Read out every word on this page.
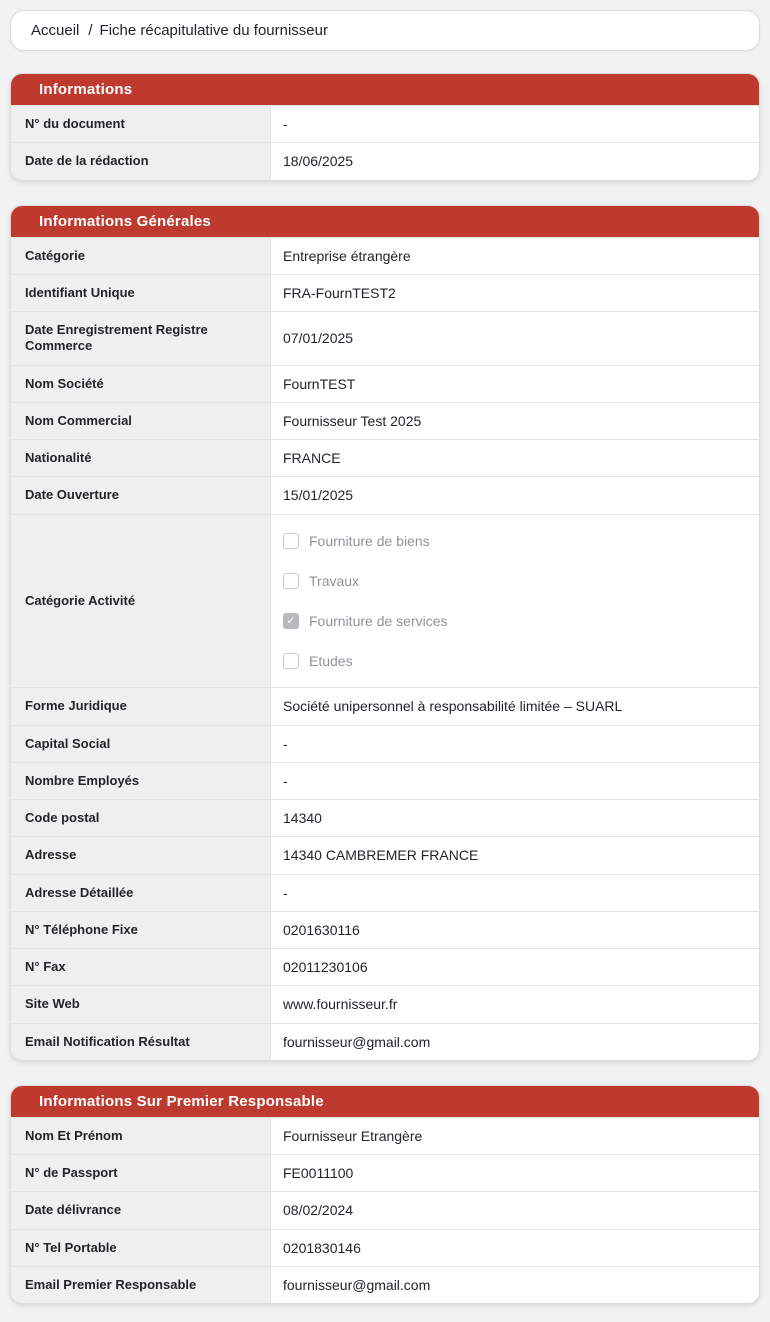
Accueil / Fiche récapitulative du fournisseur
Informations
N° du document	-
Date de la rédaction	18/06/2025
Informations Générales
Catégorie	Entreprise étrangère
Identifiant Unique	FRA-FournTEST2
Date Enregistrement Registre Commerce	07/01/2025
Nom Société	FournTEST
Nom Commercial	Fournisseur Test 2025
Nationalité	FRANCE
Date Ouverture	15/01/2025
Catégorie Activité
Fourniture de biens
Travaux
✓ Fourniture de services
Etudes
Forme Juridique	Société unipersonnel à responsabilité limitée – SUARL
Capital Social	-
Nombre Employés	-
Code postal	14340
Adresse	14340 CAMBREMER FRANCE
Adresse Détaillée	-
N° Téléphone Fixe	0201630116
N° Fax	02011230106
Site Web	www.fournisseur.fr
Email Notification Résultat	fournisseur@gmail.com
Informations Sur Premier Responsable
Nom Et Prénom	Fournisseur Etrangère
N° de Passport	FE0011100
Date délivrance	08/02/2024
N° Tel Portable	0201830146
Email Premier Responsable	fournisseur@gmail.com
